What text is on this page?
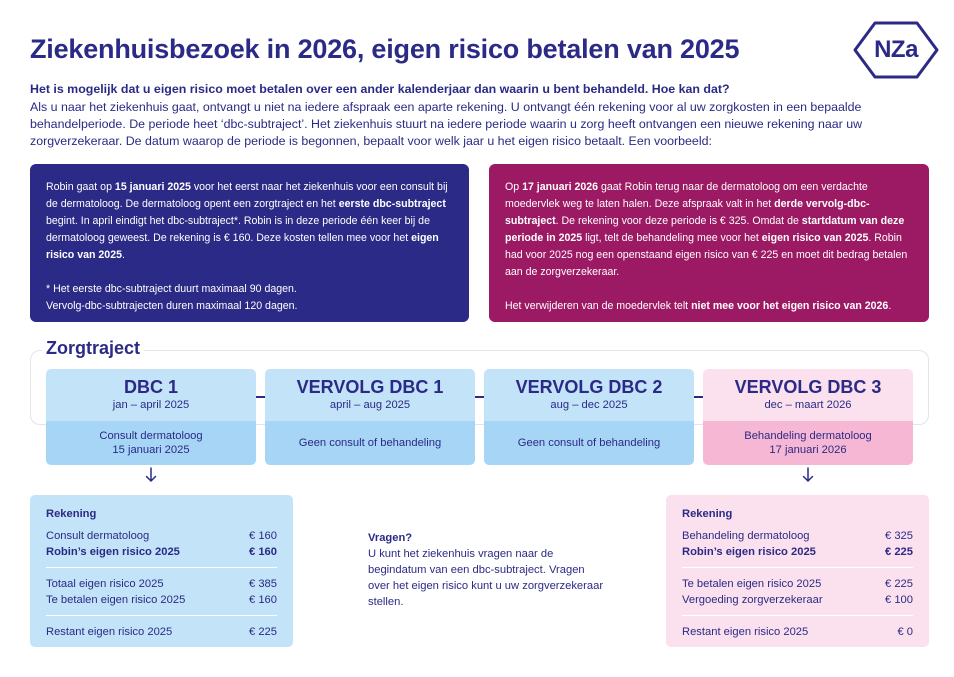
Ziekenhuisbezoek in 2026, eigen risico betalen van 2025	NZa
Het is mogelijk dat u eigen risico moet betalen over een ander kalenderjaar dan waarin u bent behandeld. Hoe kan dat?
Als u naar het ziekenhuis gaat, ontvangt u niet na iedere afspraak een aparte rekening. U ontvangt één rekening voor al uw zorgkosten in een bepaalde behandelperiode. De periode heet ‘dbc-subtraject’. Het ziekenhuis stuurt na iedere periode waarin u zorg heeft ontvangen een nieuwe rekening naar uw zorgverzekeraar. De datum waarop de periode is begonnen, bepaalt voor welk jaar u het eigen risico betaalt. Een voorbeeld:

Robin gaat op 15 januari 2025 voor het eerst naar het ziekenhuis voor een consult bij de dermatoloog. De dermatoloog opent een zorgtraject en het eerste dbc-subtraject begint. In april eindigt het dbc-subtraject*. Robin is in deze periode één keer bij de dermatoloog geweest. De rekening is € 160. Deze kosten tellen mee voor het eigen risico van 2025.

* Het eerste dbc-subtraject duurt maximaal 90 dagen.

Vervolg-dbc-subtrajecten duren maximaal 120 dagen.

Op 17 januari 2026 gaat Robin terug naar de dermatoloog om een verdachte moedervlek weg te laten halen. Deze afspraak valt in het derde vervolg-dbc-subtraject. De rekening voor deze periode is € 325. Omdat de startdatum van deze periode in 2025 ligt, telt de behandeling mee voor het eigen risico van 2025. Robin had voor 2025 nog een openstaand eigen risico van € 225 en moet dit bedrag betalen aan de zorgverzekeraar.

Het verwijderen van de moedervlek telt niet mee voor het eigen risico van 2026.

Zorgtraject
DBC 1
jan – april 2025
Consult dermatoloog
15 januari 2025
VERVOLG DBC 1
april – aug 2025
Geen consult of behandeling
VERVOLG DBC 2
aug – dec 2025
Geen consult of behandeling
VERVOLG DBC 3
dec – maart 2026
Behandeling dermatoloog
17 januari 2026
Rekening
Consult dermatoloog	€ 160
Robin’s eigen risico 2025	€ 160
Totaal eigen risico 2025	€ 385
Te betalen eigen risico 2025	€ 160
Restant eigen risico 2025	€ 225
Vragen?
U kunt het ziekenhuis vragen naar de begindatum van een dbc-subtraject. Vragen over het eigen risico kunt u uw zorgverzekeraar stellen.
Rekening
Behandeling dermatoloog	€ 325
Robin’s eigen risico 2025	€ 225
Te betalen eigen risico 2025	€ 225
Vergoeding zorgverzekeraar	€ 100
Restant eigen risico 2025	€ 0
